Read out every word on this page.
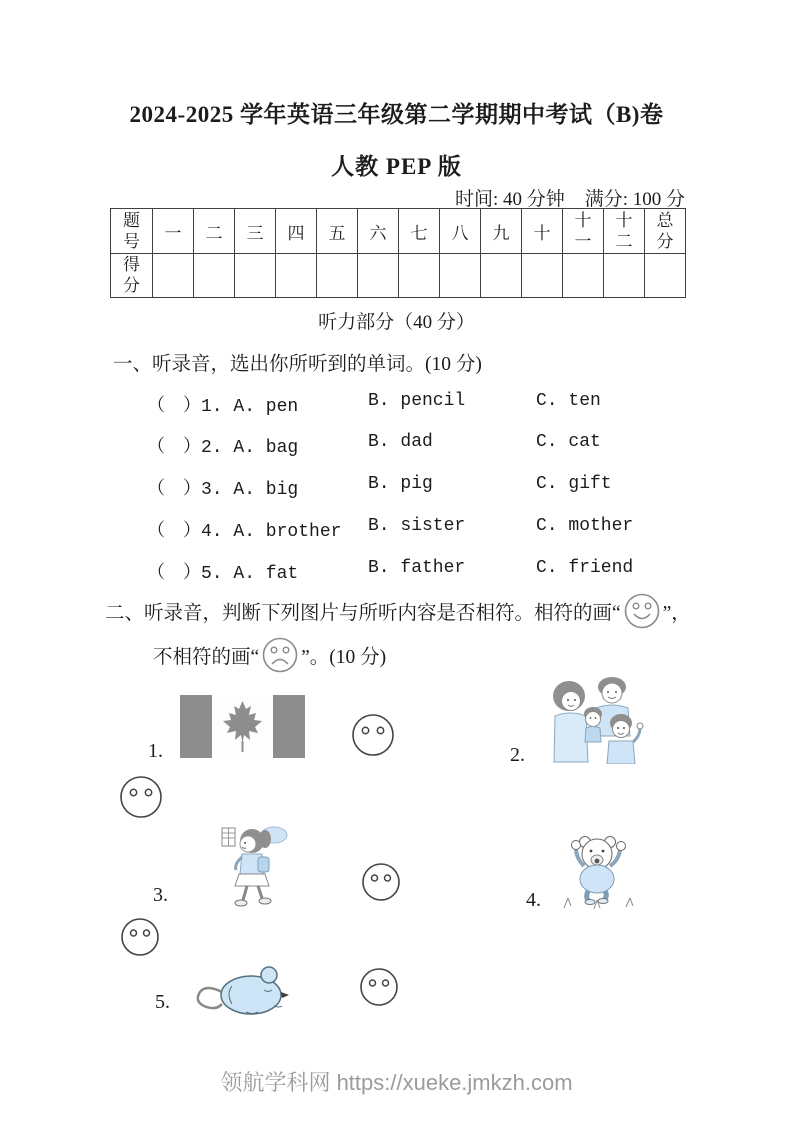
2024-2025 学年英语三年级第二学期期中考试（B)卷
人教 PEP 版
时间: 40 分钟 满分: 100 分
题号	一	二	三	四	五	六	七	八	九	十	十一	十二	总分
得分													
听力部分（40 分）
一、听录音，选出你所听到的单词。(10 分)
（　）1. A. pen	B. pencil	C. ten
（　）2. A. bag	B. dad	C. cat
（　）3. A. big	B. pig	C. gift
（　）4. A. brother B. sister	C. mother
（　）5. A. fat	B. father	C. friend
二、听录音，判断下列图片与所听内容是否相符。相符的画“ ”，
不相符的画“ ”。(10 分)
1.	2.
3.	4.
5.
领航学科网 https://xueke.jmkzh.com
